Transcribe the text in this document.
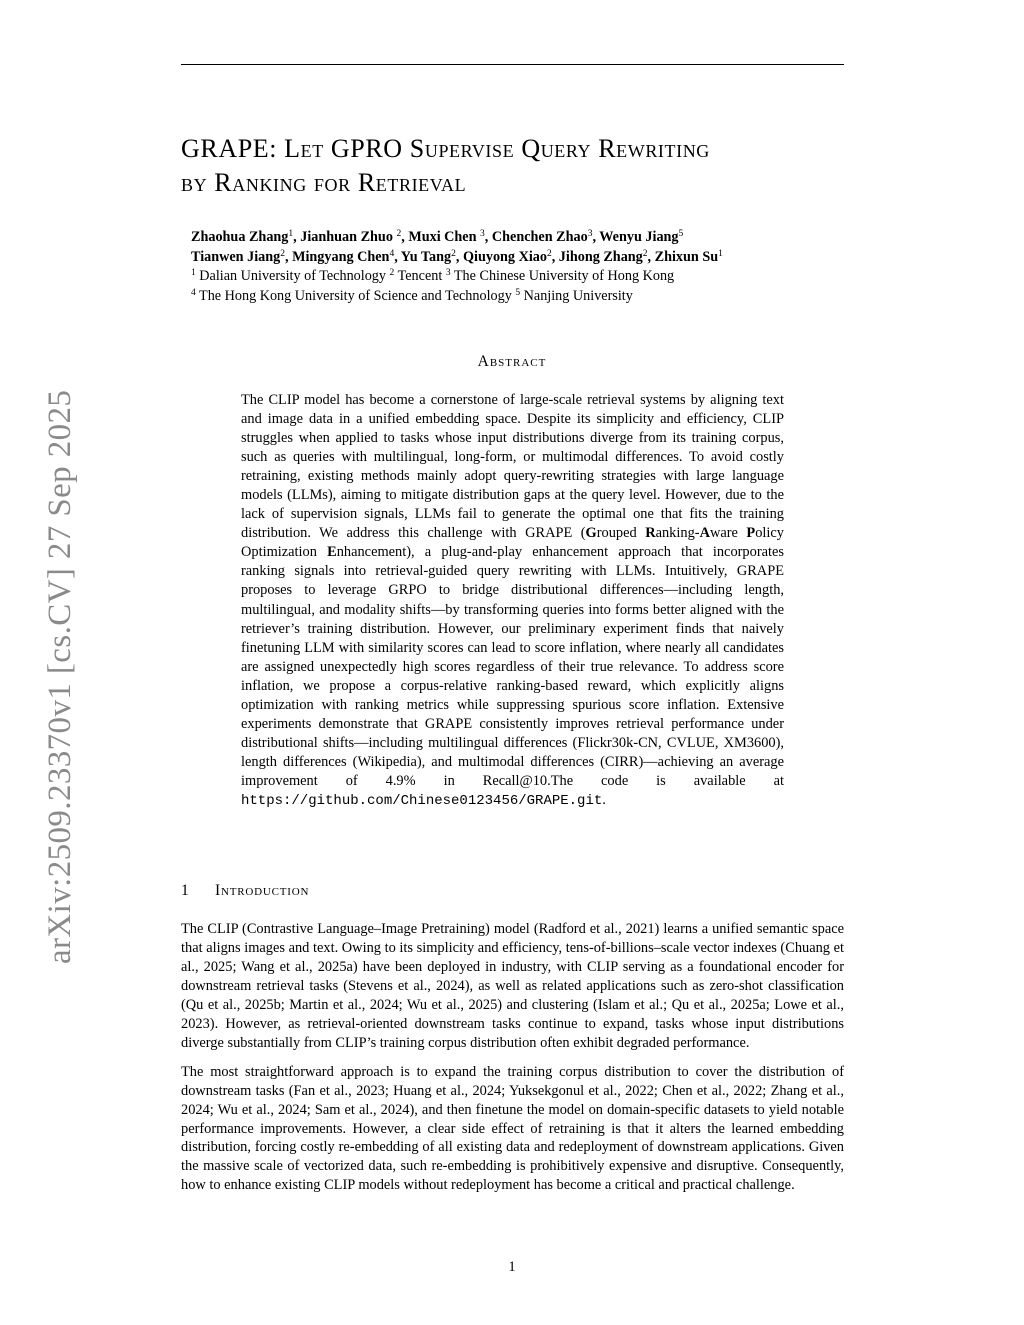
arXiv:2509.23370v1 [cs.CV] 27 Sep 2025
GRAPE: Let GPRO Supervise Query Rewriting
by Ranking for Retrieval
Zhaohua Zhang$^1$, Jianhuan Zhuo $^2$, Muxi Chen $^3$, Chenchen Zhao$^3$, Wenyu Jiang$^5$
Tianwen Jiang$^2$, Mingyang Chen$^4$, Yu Tang$^2$, Qiuyong Xiao$^2$, Jihong Zhang$^2$, Zhixun Su$^1$
$^1$ Dalian University of Technology $^2$ Tencent $^3$ The Chinese University of Hong Kong
$^4$ The Hong Kong University of Science and Technology $^5$ Nanjing University
Abstract

The CLIP model has become a cornerstone of large-scale retrieval systems by aligning text and image data in a unified embedding space. Despite its simplicity and efficiency, CLIP struggles when applied to tasks whose input distributions diverge from its training corpus, such as queries with multilingual, long-form, or multimodal differences. To avoid costly retraining, existing methods mainly adopt query-rewriting strategies with large language models (LLMs), aiming to mitigate distribution gaps at the query level. However, due to the lack of supervision signals, LLMs fail to generate the optimal one that fits the training distribution. We address this challenge with GRAPE (Grouped Ranking-Aware Policy Optimization Enhancement), a plug-and-play enhancement approach that incorporates ranking signals into retrieval-guided query rewriting with LLMs. Intuitively, GRAPE proposes to leverage GRPO to bridge distributional differences—including length, multilingual, and modality shifts—by transforming queries into forms better aligned with the retriever’s training distribution. However, our preliminary experiment finds that naively finetuning LLM with similarity scores can lead to score inflation, where nearly all candidates are assigned unexpectedly high scores regardless of their true relevance. To address score inflation, we propose a corpus-relative ranking-based reward, which explicitly aligns optimization with ranking metrics while suppressing spurious score inflation. Extensive experiments demonstrate that GRAPE consistently improves retrieval performance under distributional shifts—including multilingual differences (Flickr30k-CN, CVLUE, XM3600), length differences (Wikipedia), and multimodal differences (CIRR)—achieving an average improvement of 4.9% in Recall@10.The code is available at https://github.com/Chinese0123456/GRAPE.git.

1 Introduction

The CLIP (Contrastive Language–Image Pretraining) model (Radford et al., 2021) learns a unified semantic space that aligns images and text. Owing to its simplicity and efficiency, tens-of-billions–scale vector indexes (Chuang et al., 2025; Wang et al., 2025a) have been deployed in industry, with CLIP serving as a foundational encoder for downstream retrieval tasks (Stevens et al., 2024), as well as related applications such as zero-shot classification (Qu et al., 2025b; Martin et al., 2024; Wu et al., 2025) and clustering (Islam et al.; Qu et al., 2025a; Lowe et al., 2023). However, as retrieval-oriented downstream tasks continue to expand, tasks whose input distributions diverge substantially from CLIP’s training corpus distribution often exhibit degraded performance.

The most straightforward approach is to expand the training corpus distribution to cover the distribution of downstream tasks (Fan et al., 2023; Huang et al., 2024; Yuksekgonul et al., 2022; Chen et al., 2022; Zhang et al., 2024; Wu et al., 2024; Sam et al., 2024), and then finetune the model on domain-specific datasets to yield notable performance improvements. However, a clear side effect of retraining is that it alters the learned embedding distribution, forcing costly re-embedding of all existing data and redeployment of downstream applications. Given the massive scale of vectorized data, such re-embedding is prohibitively expensive and disruptive. Consequently, how to enhance existing CLIP models without redeployment has become a critical and practical challenge.

1
